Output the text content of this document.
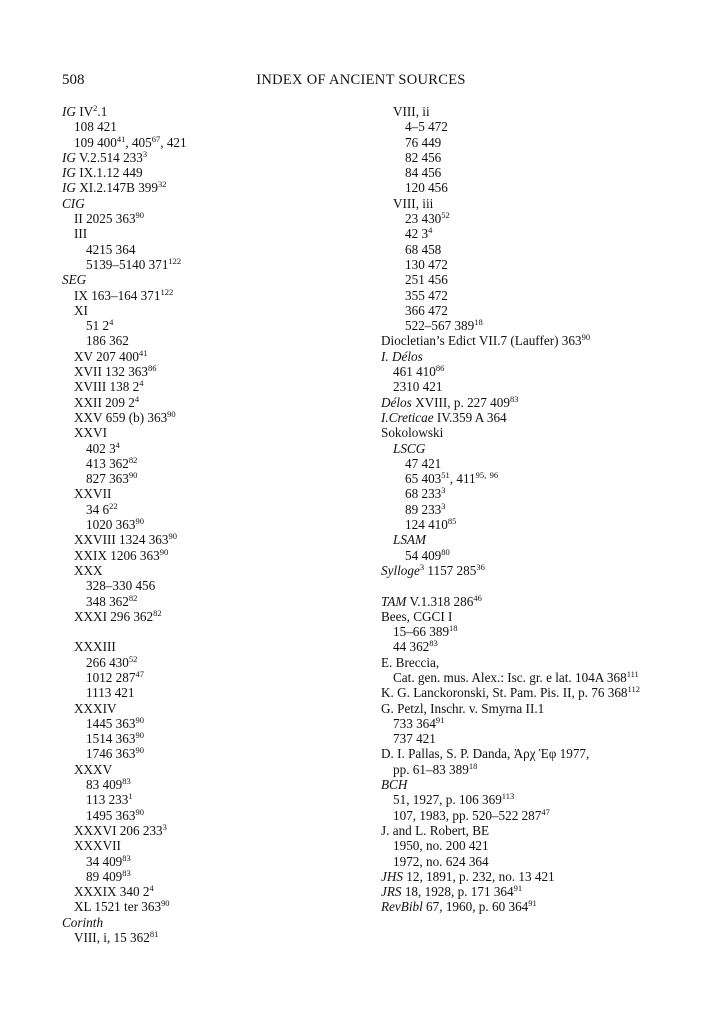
508	INDEX OF ANCIENT SOURCES
IG $IV^2.1$
108 421
109 $400^{41}$, $405^{67}$, 421
IG V.2.514 $233^3$
IG IX.1.12 449
IG XI.2.147B $399^{32}$
CIG
II 2025 $363^{90}$
III
4215 364
5139–5140 $371^{122}$
SEG
IX 163–164 $371^{122}$
XI
51 $2^4$
186 362
XV 207 $400^{41}$
XVII 132 $363^{86}$
XVIII 138 $2^4$
XXII 209 $2^4$
XXV 659 (b) $363^{90}$
XXVI
402 $3^4$
413 $362^{82}$
827 $363^{90}$
XXVII
34 $6^{22}$
1020 $363^{90}$
XXVIII 1324 $363^{90}$
XXIX 1206 $363^{90}$
XXX
328–330 456
348 $362^{82}$
XXXI 296 $362^{82}$
XXXIII
266 $430^{52}$
1012 $287^{47}$
1113 421
XXXIV
1445 $363^{90}$
1514 $363^{90}$
1746 $363^{90}$
XXXV
83 $409^{83}$
113 $233^1$
1495 $363^{90}$
XXXVI 206 $233^3$
XXXVII
34 $409^{83}$
89 $409^{83}$
XXXIX 340 $2^4$
XL 1521 ter $363^{90}$
Corinth
VIII, i, 15 $362^{81}$
VIII, ii
4–5 472
76 449
82 456
84 456
120 456
VIII, iii
23 $430^{52}$
42 $3^4$
68 458
130 472
251 456
355 472
366 472
522–567 $389^{18}$
Diocletian’s Edict VII.7 (Lauffer) $363^{90}$
I. Délos
461 $410^{86}$
2310 421
Délos XVIII, p. 227 $409^{83}$
I.Creticae IV.359 A 364
Sokolowski
LSCG
47 421
65 $403^{51}$, $411^{95,}$ $^{96}$
68 $233^3$
89 $233^3$
124 $410^{85}$
LSAM
54 $409^{80}$
Sylloge$^3$ 1157 $285^{36}$
TAM V.1.318 $286^{46}$
Bees, CGCI I
15–66 $389^{18}$
44 $362^{83}$
E. Breccia,
Cat. gen. mus. Alex.: Isc. gr. e lat. 104A $368^{111}$
K. G. Lanckoronski, St. Pam. Pis. II, p. 76 $368^{112}$
G. Petzl, Inschr. v. Smyrna II.1
733 $364^{91}$
737 421
D. I. Pallas, S. P. Danda, Ἀρχ Ἐφ 1977,
pp. 61–83 $389^{18}$
BCH
51, 1927, p. 106 $369^{113}$
107, 1983, pp. 520–522 $287^{47}$
J. and L. Robert, BE
1950, no. 200 421
1972, no. 624 364
JHS 12, 1891, p. 232, no. 13 421
JRS 18, 1928, p. 171 $364^{91}$
RevBibl 67, 1960, p. 60 $364^{91}$
